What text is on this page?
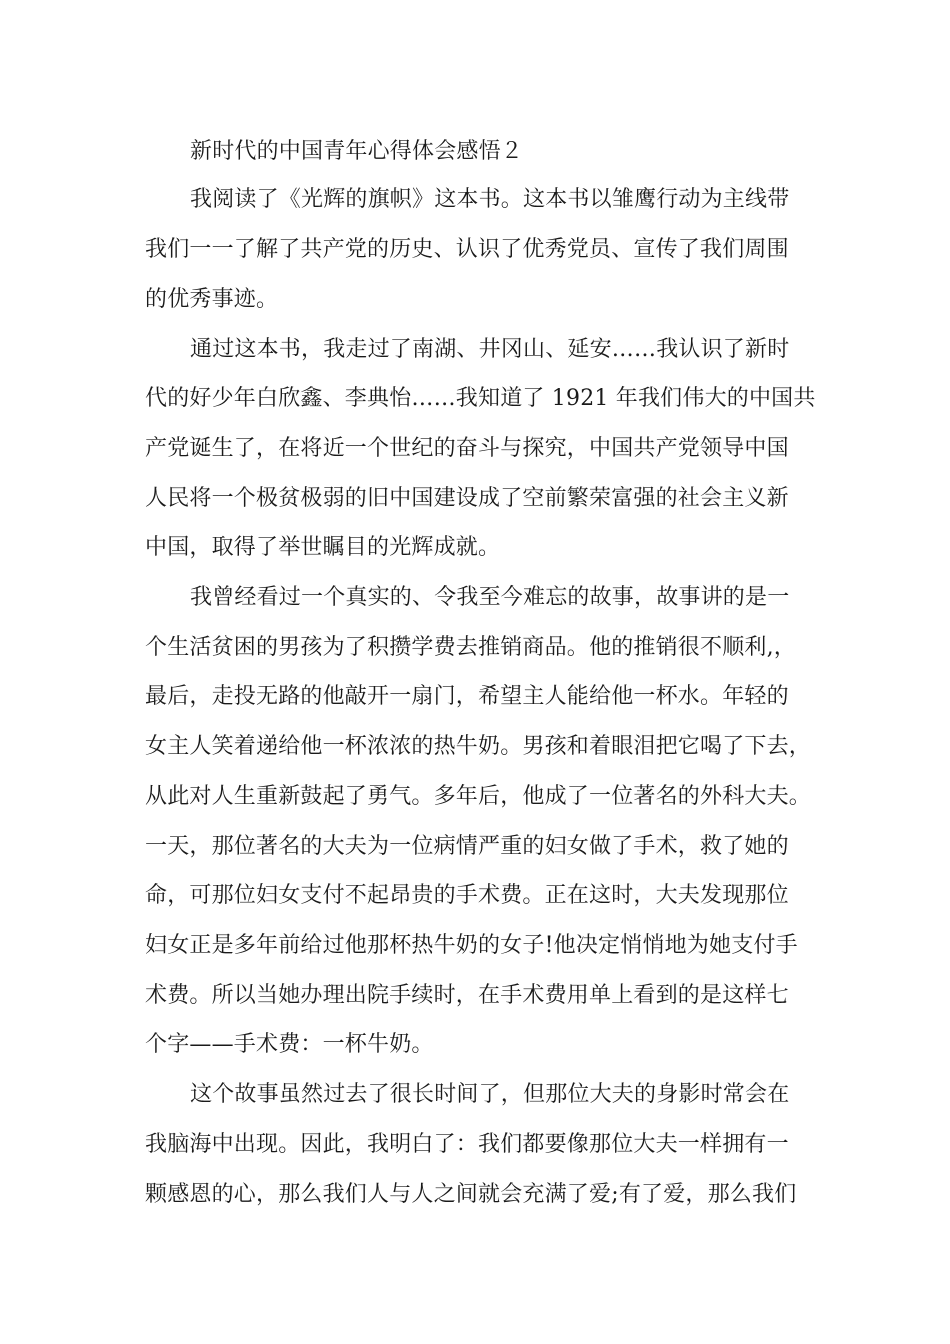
新时代的中国青年心得体会感悟２
我阅读了《光辉的旗帜》这本书。这本书以雏鹰行动为主线带
我们一一了解了共产党的历史、认识了优秀党员、宣传了我们周围
的优秀事迹。
通过这本书，我走过了南湖、井冈山、延安……我认识了新时
代的好少年白欣鑫、李典怡……我知道了 1921 年我们伟大的中国共
产党诞生了，在将近一个世纪的奋斗与探究，中国共产党领导中国
人民将一个极贫极弱的旧中国建设成了空前繁荣富强的社会主义新
中国，取得了举世瞩目的光辉成就。
我曾经看过一个真实的、令我至今难忘的故事，故事讲的是一
个生活贫困的男孩为了积攒学费去推销商品。他的推销很不顺利,，
最后，走投无路的他敲开一扇门，希望主人能给他一杯水。年轻的
女主人笑着递给他一杯浓浓的热牛奶。男孩和着眼泪把它喝了下去，
从此对人生重新鼓起了勇气。多年后，他成了一位著名的外科大夫。
一天，那位著名的大夫为一位病情严重的妇女做了手术，救了她的
命，可那位妇女支付不起昂贵的手术费。正在这时，大夫发现那位
妇女正是多年前给过他那杯热牛奶的女子!他决定悄悄地为她支付手
术费。所以当她办理出院手续时，在手术费用单上看到的是这样七
个字——手术费：一杯牛奶。
这个故事虽然过去了很长时间了，但那位大夫的身影时常会在
我脑海中出现。因此，我明白了：我们都要像那位大夫一样拥有一
颗感恩的心，那么我们人与人之间就会充满了爱;有了爱，那么我们
